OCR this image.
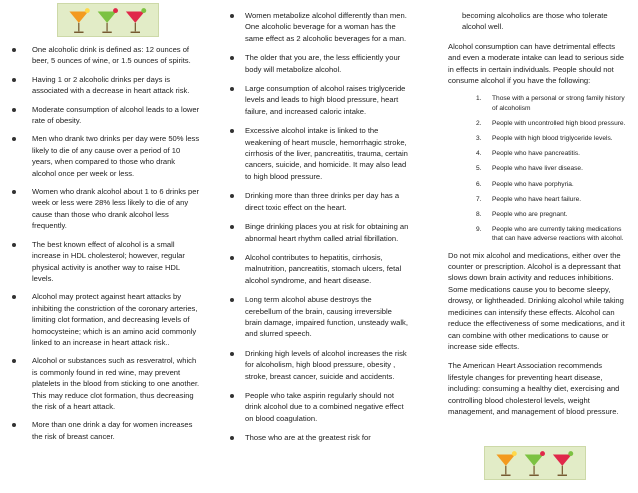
One alcoholic drink is defined as: 12 ounces of beer, 5 ounces of wine, or 1.5 ounces of spirits.
Having 1 or 2 alcoholic drinks per days is associated with a decrease in heart attack risk.
Moderate consumption of alcohol leads to a lower rate of obesity.
Men who drank two drinks per day were 50% less likely to die of any cause over a period of 10 years, when compared to those who drank alcohol once per week or less.
Women who drank alcohol about 1 to 6 drinks per week or less were 28% less likely to die of any cause than those who drank alcohol less frequently.
The best known effect of alcohol is a small increase in HDL cholesterol; however, regular physical activity is another way to raise HDL levels.
Alcohol may protect against heart attacks by inhibiting the constriction of the coronary arteries, limiting clot formation, and decreasing levels of homocysteine; which is an amino acid commonly linked to an increase in heart attack risk..
Alcohol or substances such as resveratrol, which is commonly found in red wine, may prevent platelets in the blood from sticking to one another. This may reduce clot formation, thus decreasing the risk of a heart attack.
More than one drink a day for women increases the risk of breast cancer.
Women metabolize alcohol differently than men. One alcoholic beverage for a woman has the same effect as 2 alcoholic beverages for a man.
The older that you are, the less efficiently your body will metabolize alcohol.
Large consumption of alcohol raises triglyceride levels and leads to high blood pressure, heart failure, and increased caloric intake.
Excessive alcohol intake is linked to the weakening of heart muscle, hemorrhagic stroke, cirrhosis of the liver, pancreatitis, trauma, certain cancers, suicide, and homicide. It may also lead to high blood pressure.
Drinking more than three drinks per day has a direct toxic effect on the heart.
Binge drinking places you at risk for obtaining an abnormal heart rhythm called atrial fibrillation.
Alcohol contributes to hepatitis, cirrhosis, malnutrition, pancreatitis, stomach ulcers, fetal alcohol syndrome, and heart disease.
Long term alcohol abuse destroys the cerebellum of the brain, causing irreversible brain damage, impaired function, unsteady walk, and slurred speech.
Drinking high levels of alcohol increases the risk for alcoholism, high blood pressure, obesity , stroke, breast cancer, suicide and accidents.
People who take aspirin regularly should not drink alcohol due to a combined negative effect on blood coagulation.
Those who are at the greatest risk for

becoming alcoholics are those who tolerate alcohol well.

Alcohol consumption can have detrimental effects and even a moderate intake can lead to serious side in effects in certain individuals. People should not consume alcohol if you have the following:

1. Those with a personal or strong family history of alcoholism
2. People with uncontrolled high blood pressure.
3. People with high blood triglyceride levels.
4. People who have pancreatitis.
5. People who have liver disease.
6. People who have porphyria.
7. People who have heart failure.
8. People who are pregnant.
9. People who are currently taking medications that can have adverse reactions with alcohol.

Do not mix alcohol and medications, either over the counter or prescription. Alcohol is a depressant that slows down brain activity and reduces inhibitions. Some medications cause you to become sleepy, drowsy, or lightheaded. Drinking alcohol while taking medicines can intensify these effects. Alcohol can reduce the effectiveness of some medications, and it can combine with other medications to cause or increase side effects.

The American Heart Association recommends lifestyle changes for preventing heart disease, including: consuming a healthy diet, exercising and controlling blood cholesterol levels, weight management, and management of blood pressure.
